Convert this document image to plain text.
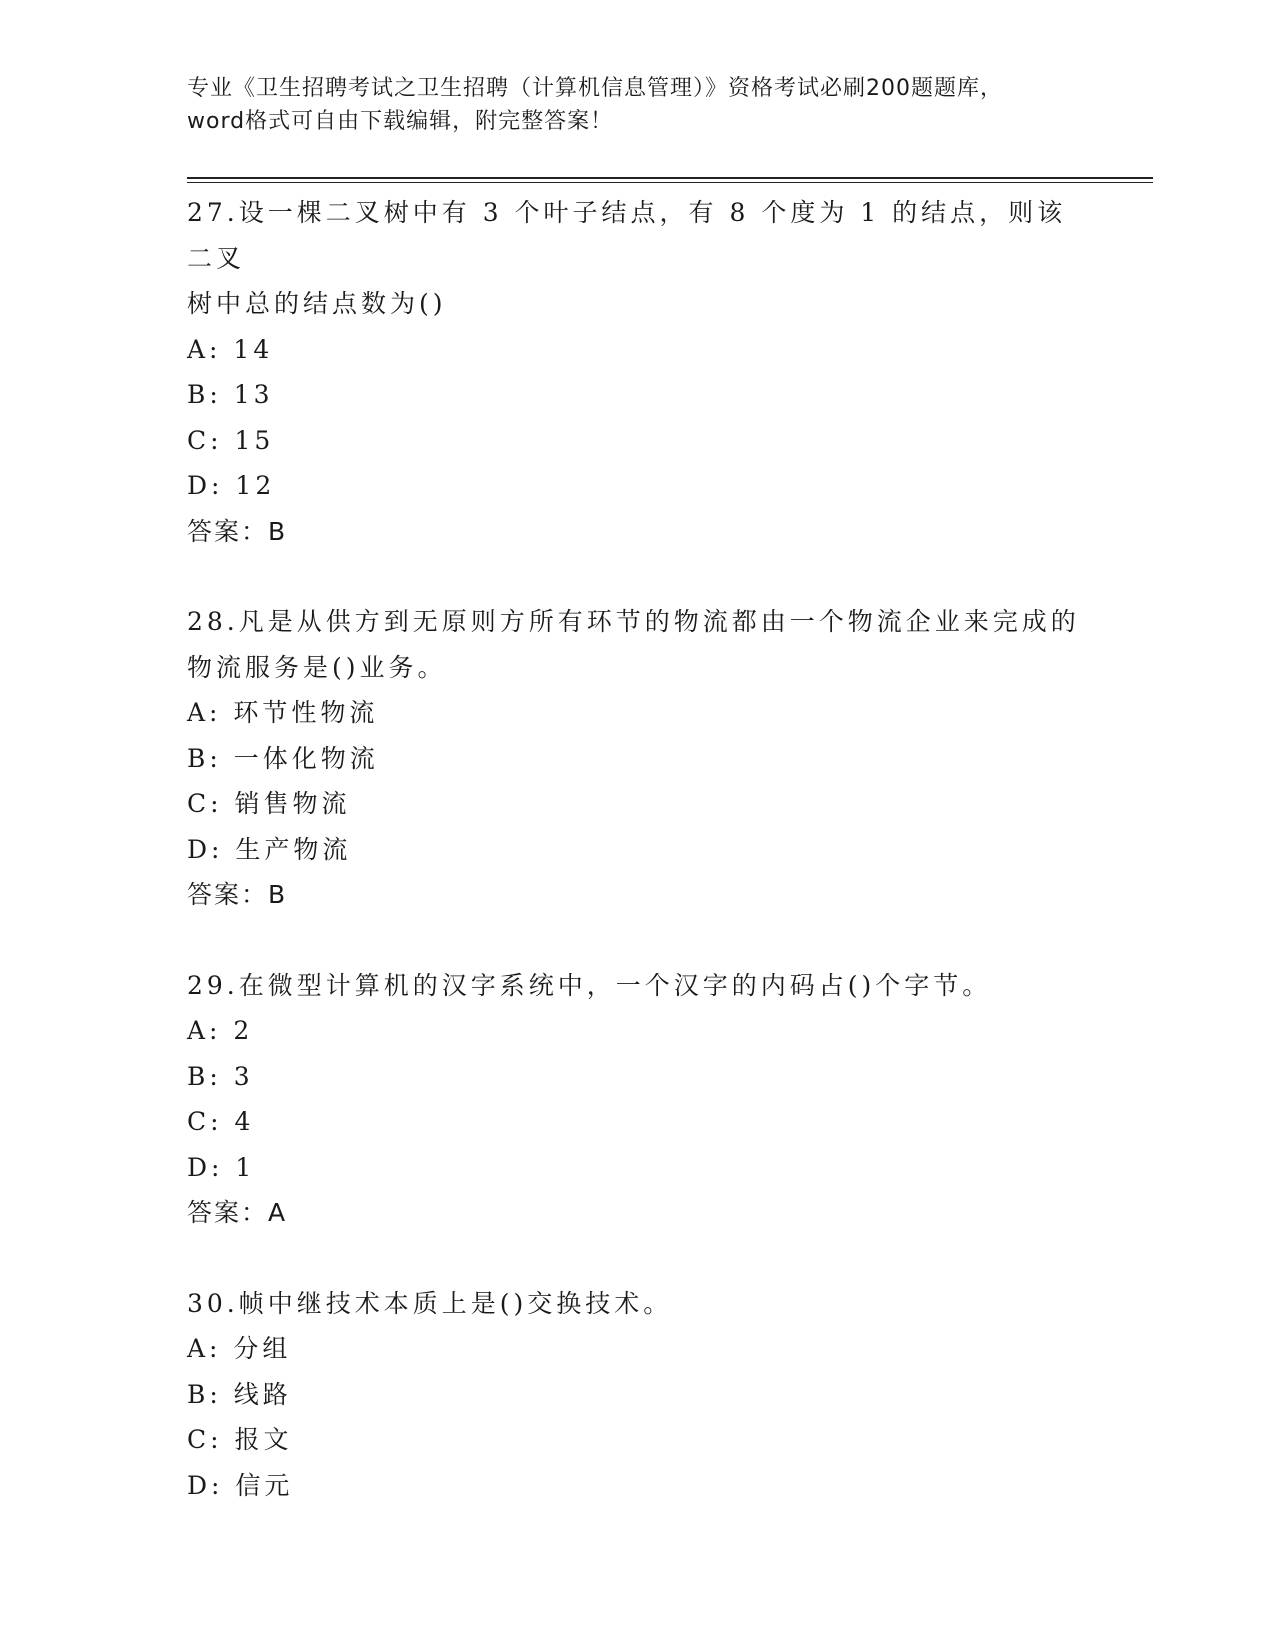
专业《卫生招聘考试之卫生招聘（计算机信息管理）》资格考试必刷200题题库，
word格式可自由下载编辑，附完整答案！

27.设一棵二叉树中有 3 个叶子结点，有 8 个度为 1 的结点，则该二叉

树中总的结点数为()

A: 14

B: 13

C: 15

D: 12

答案：B

28.凡是从供方到无原则方所有环节的物流都由一个物流企业来完成的

物流服务是()业务。

A: 环节性物流

B: 一体化物流

C: 销售物流

D: 生产物流

答案：B

29.在微型计算机的汉字系统中，一个汉字的内码占()个字节。

A: 2

B: 3

C: 4

D: 1

答案：A

30.帧中继技术本质上是()交换技术。

A: 分组

B: 线路

C: 报文

D: 信元
